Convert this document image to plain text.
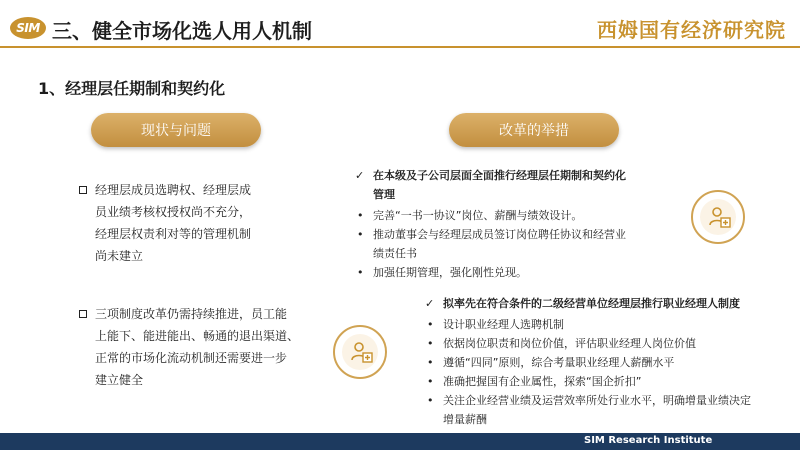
SIM 三、健全市场化选人用人机制	西姆国有经济研究院
1、经理层任期制和契约化
现状与问题	改革的举措
经理层成员选聘权、经理层成
员业绩考核权授权尚不充分，
经理层权责利对等的管理机制
尚未建立
三项制度改革仍需持续推进，员工能
上能下、能进能出、畅通的退出渠道、
正常的市场化流动机制还需要进一步
建立健全
✓ 在本级及子公司层面全面推行经理层任期制和契约化
管理
• 完善“一书一协议”岗位、薪酬与绩效设计。
• 推动董事会与经理层成员签订岗位聘任协议和经营业
绩责任书
• 加强任期管理，强化刚性兑现。
✓ 拟率先在符合条件的二级经营单位经理层推行职业经理人制度
• 设计职业经理人选聘机制
• 依据岗位职责和岗位价值，评估职业经理人岗位价值
• 遵循“四同”原则，综合考量职业经理人薪酬水平
• 准确把握国有企业属性，探索“国企折扣”
• 关注企业经营业绩及运营效率所处行业水平，明确增量业绩决定
增量薪酬
SIM Research Institute
